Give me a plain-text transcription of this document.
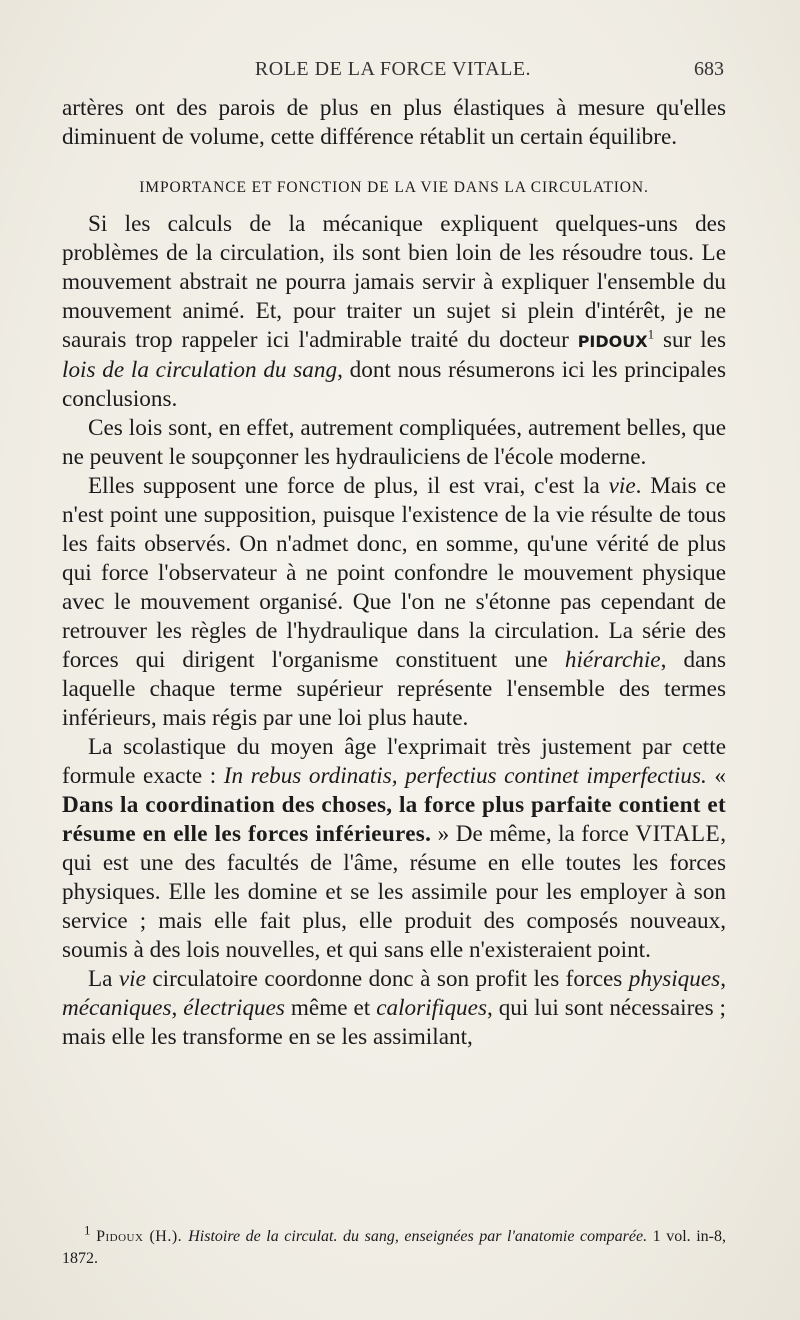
ROLE DE LA FORCE VITALE.	683

artères ont des parois de plus en plus élastiques à mesure qu'elles diminuent de volume, cette différence rétablit un certain équilibre.

IMPORTANCE ET FONCTION DE LA VIE DANS LA CIRCULATION.

Si les calculs de la mécanique expliquent quelques-uns des problèmes de la circulation, ils sont bien loin de les résoudre tous. Le mouvement abstrait ne pourra jamais servir à expliquer l'ensemble du mouvement animé. Et, pour traiter un sujet si plein d'intérêt, je ne saurais trop rappeler ici l'admirable traité du docteur PIDOUX$^1$ sur les lois de la circulation du sang, dont nous résumerons ici les principales conclusions.

Ces lois sont, en effet, autrement compliquées, autrement belles, que ne peuvent le soupçonner les hydrauliciens de l'école moderne.

Elles supposent une force de plus, il est vrai, c'est la vie. Mais ce n'est point une supposition, puisque l'existence de la vie résulte de tous les faits observés. On n'admet donc, en somme, qu'une vérité de plus qui force l'observateur à ne point confondre le mouvement physique avec le mouvement organisé. Que l'on ne s'étonne pas cependant de retrouver les règles de l'hydraulique dans la circulation. La série des forces qui dirigent l'organisme constituent une hiérarchie, dans laquelle chaque terme supérieur représente l'ensemble des termes inférieurs, mais régis par une loi plus haute.

La scolastique du moyen âge l'exprimait très justement par cette formule exacte : In rebus ordinatis, perfectius continet imperfectius. « Dans la coordination des choses, la force plus parfaite contient et résume en elle les forces inférieures. » De même, la force VITALE, qui est une des facultés de l'âme, résume en elle toutes les forces physiques. Elle les domine et se les assimile pour les employer à son service ; mais elle fait plus, elle produit des composés nouveaux, soumis à des lois nouvelles, et qui sans elle n'existeraient point.

La vie circulatoire coordonne donc à son profit les forces physiques, mécaniques, électriques même et calorifiques, qui lui sont nécessaires ; mais elle les transforme en se les assimilant,

$^1$ Pidoux (H.). Histoire de la circulat. du sang, enseignées par l'anatomie comparée. 1 vol. in-8, 1872.
